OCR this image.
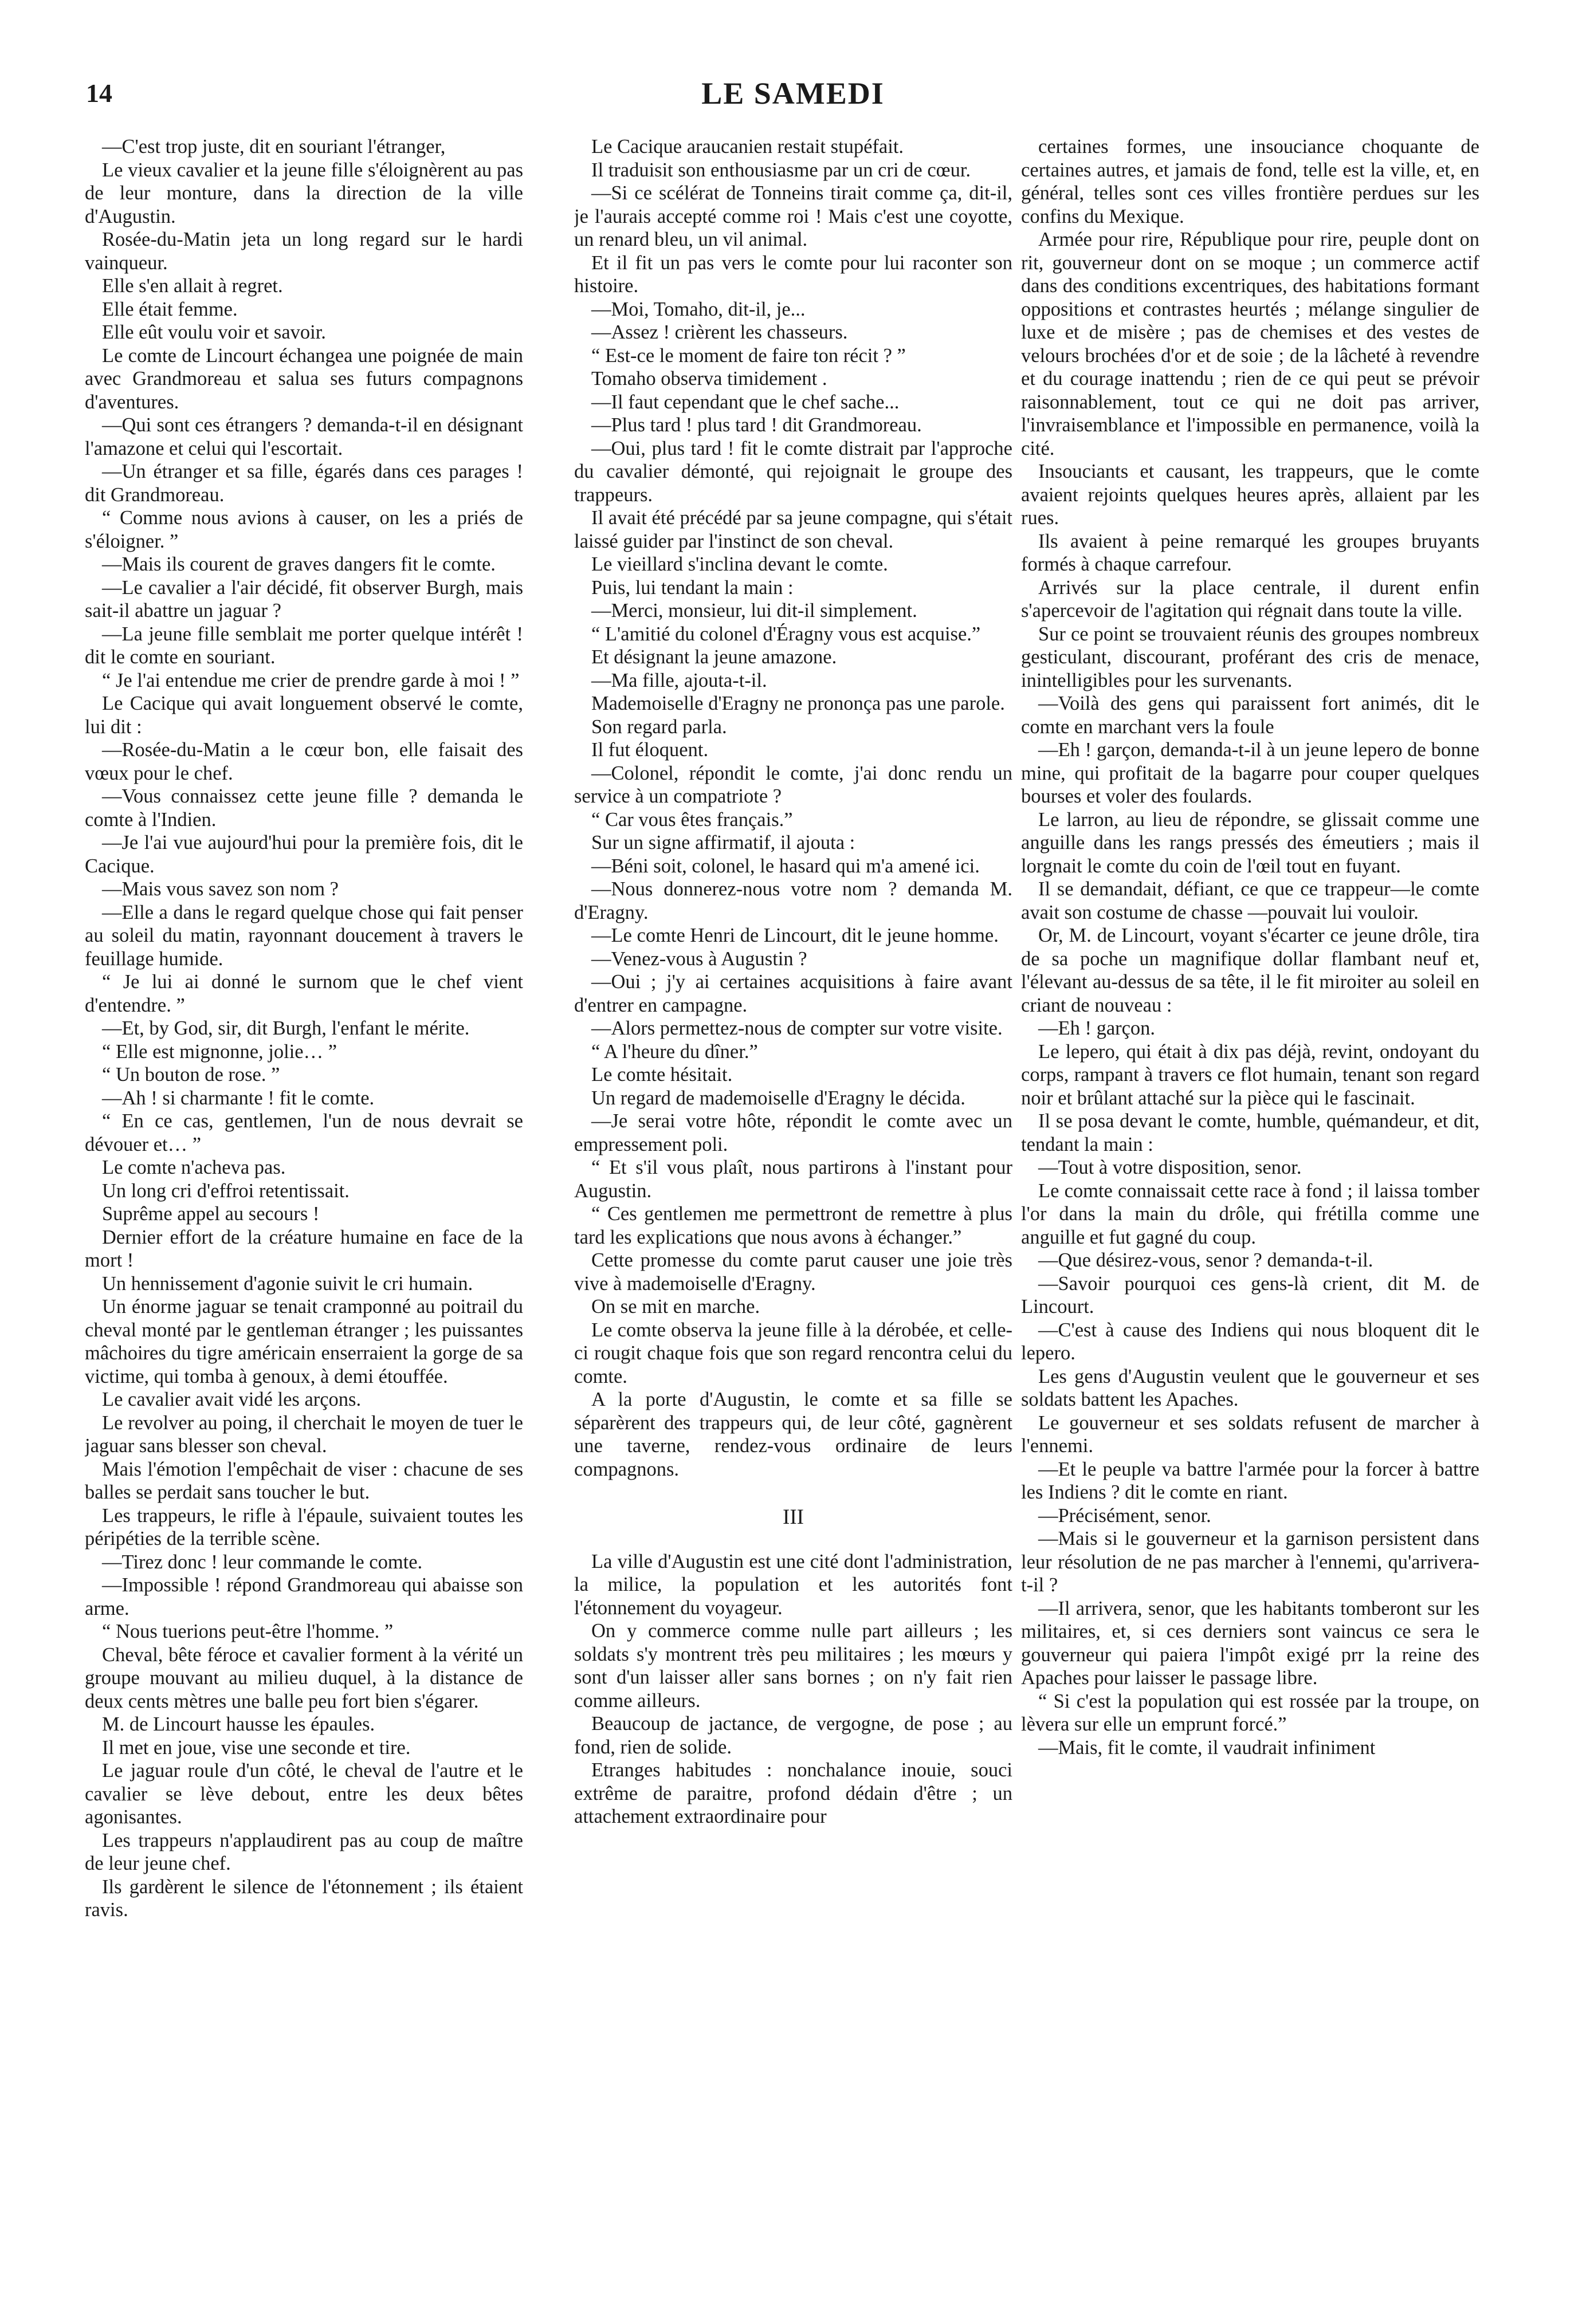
14	LE SAMEDI

—C'est trop juste, dit en souriant l'étranger,

Le vieux cavalier et la jeune fille s'éloignèrent au pas de leur monture, dans la direction de la ville d'Augustin.

Rosée-du-Matin jeta un long regard sur le hardi vainqueur.

Elle s'en allait à regret.

Elle était femme.

Elle eût voulu voir et savoir.

Le comte de Lincourt échangea une poignée de main avec Grandmoreau et salua ses futurs compagnons d'aventures.

—Qui sont ces étrangers ? demanda-t-il en désignant l'amazone et celui qui l'escortait.

—Un étranger et sa fille, égarés dans ces parages ! dit Grandmoreau.

“ Comme nous avions à causer, on les a priés de s'éloigner. ”

—Mais ils courent de graves dangers fit le comte.

—Le cavalier a l'air décidé, fit observer Burgh, mais sait-il abattre un jaguar ?

—La jeune fille semblait me porter quelque intérêt ! dit le comte en souriant.

“ Je l'ai entendue me crier de prendre garde à moi ! ”

Le Cacique qui avait longuement observé le comte, lui dit :

—Rosée-du-Matin a le cœur bon, elle faisait des vœux pour le chef.

—Vous connaissez cette jeune fille ? demanda le comte à l'Indien.

—Je l'ai vue aujourd'hui pour la première fois, dit le Cacique.

—Mais vous savez son nom ?

—Elle a dans le regard quelque chose qui fait penser au soleil du matin, rayonnant doucement à travers le feuillage humide.

“ Je lui ai donné le surnom que le chef vient d'entendre. ”

—Et, by God, sir, dit Burgh, l'enfant le mérite.

“ Elle est mignonne, jolie… ”

“ Un bouton de rose. ”

—Ah ! si charmante ! fit le comte.

“ En ce cas, gentlemen, l'un de nous devrait se dévouer et… ”

Le comte n'acheva pas.

Un long cri d'effroi retentissait.

Suprême appel au secours !

Dernier effort de la créature humaine en face de la mort !

Un hennissement d'agonie suivit le cri humain.

Un énorme jaguar se tenait cramponné au poitrail du cheval monté par le gentleman étranger ; les puissantes mâchoires du tigre américain enserraient la gorge de sa victime, qui tomba à genoux, à demi étouffée.

Le cavalier avait vidé les arçons.

Le revolver au poing, il cherchait le moyen de tuer le jaguar sans blesser son cheval.

Mais l'émotion l'empêchait de viser : chacune de ses balles se perdait sans toucher le but.

Les trappeurs, le rifle à l'épaule, suivaient toutes les péripéties de la terrible scène.

—Tirez donc ! leur commande le comte.

—Impossible ! répond Grandmoreau qui abaisse son arme.

“ Nous tuerions peut-être l'homme. ”

Cheval, bête féroce et cavalier forment à la vérité un groupe mouvant au milieu duquel, à la distance de deux cents mètres une balle peu fort bien s'égarer.

M. de Lincourt hausse les épaules.

Il met en joue, vise une seconde et tire.

Le jaguar roule d'un côté, le cheval de l'autre et le cavalier se lève debout, entre les deux bêtes agonisantes.

Les trappeurs n'applaudirent pas au coup de maître de leur jeune chef.

Ils gardèrent le silence de l'étonnement ; ils étaient ravis.

Le Cacique araucanien restait stupéfait.

Il traduisit son enthousiasme par un cri de cœur.

—Si ce scélérat de Tonneins tirait comme ça, dit-il, je l'aurais accepté comme roi ! Mais c'est une coyotte, un renard bleu, un vil animal.

Et il fit un pas vers le comte pour lui raconter son histoire.

—Moi, Tomaho, dit-il, je...

—Assez ! crièrent les chasseurs.

“ Est-ce le moment de faire ton récit ? ”

Tomaho observa timidement .

—Il faut cependant que le chef sache...

—Plus tard ! plus tard ! dit Grandmoreau.

—Oui, plus tard ! fit le comte distrait par l'approche du cavalier démonté, qui rejoignait le groupe des trappeurs.

Il avait été précédé par sa jeune compagne, qui s'était laissé guider par l'instinct de son cheval.

Le vieillard s'inclina devant le comte.

Puis, lui tendant la main :

—Merci, monsieur, lui dit-il simplement.

“ L'amitié du colonel d'Éragny vous est acquise.”

Et désignant la jeune amazone.

—Ma fille, ajouta-t-il.

Mademoiselle d'Eragny ne prononça pas une parole.

Son regard parla.

Il fut éloquent.

—Colonel, répondit le comte, j'ai donc rendu un service à un compatriote ?

“ Car vous êtes français.”

Sur un signe affirmatif, il ajouta :

—Béni soit, colonel, le hasard qui m'a amené ici.

—Nous donnerez-nous votre nom ? demanda M. d'Eragny.

—Le comte Henri de Lincourt, dit le jeune homme.

—Venez-vous à Augustin ?

—Oui ; j'y ai certaines acquisitions à faire avant d'entrer en campagne.

—Alors permettez-nous de compter sur votre visite.

“ A l'heure du dîner.”

Le comte hésitait.

Un regard de mademoiselle d'Eragny le décida.

—Je serai votre hôte, répondit le comte avec un empressement poli.

“ Et s'il vous plaît, nous partirons à l'instant pour Augustin.

“ Ces gentlemen me permettront de remettre à plus tard les explications que nous avons à échanger.”

Cette promesse du comte parut causer une joie très vive à mademoiselle d'Eragny.

On se mit en marche.

Le comte observa la jeune fille à la dérobée, et celle-ci rougit chaque fois que son regard rencontra celui du comte.

A la porte d'Augustin, le comte et sa fille se séparèrent des trappeurs qui, de leur côté, gagnèrent une taverne, rendez-vous ordinaire de leurs compagnons.

III

La ville d'Augustin est une cité dont l'administration, la milice, la population et les autorités font l'étonnement du voyageur.

On y commerce comme nulle part ailleurs ; les soldats s'y montrent très peu militaires ; les mœurs y sont d'un laisser aller sans bornes ; on n'y fait rien comme ailleurs.

Beaucoup de jactance, de vergogne, de pose ; au fond, rien de solide.

Etranges habitudes : nonchalance inouie, souci extrême de paraitre, profond dédain d'être ; un attachement extraordinaire pour

certaines formes, une insouciance choquante de certaines autres, et jamais de fond, telle est la ville, et, en général, telles sont ces villes frontière perdues sur les confins du Mexique.

Armée pour rire, République pour rire, peuple dont on rit, gouverneur dont on se moque ; un commerce actif dans des conditions excentriques, des habitations formant oppositions et contrastes heurtés ; mélange singulier de luxe et de misère ; pas de chemises et des vestes de velours brochées d'or et de soie ; de la lâcheté à revendre et du courage inattendu ; rien de ce qui peut se prévoir raisonnablement, tout ce qui ne doit pas arriver, l'invraisemblance et l'impossible en permanence, voilà la cité.

Insouciants et causant, les trappeurs, que le comte avaient rejoints quelques heures après, allaient par les rues.

Ils avaient à peine remarqué les groupes bruyants formés à chaque carrefour.

Arrivés sur la place centrale, il durent enfin s'apercevoir de l'agitation qui régnait dans toute la ville.

Sur ce point se trouvaient réunis des groupes nombreux gesticulant, discourant, proférant des cris de menace, inintelligibles pour les survenants.

—Voilà des gens qui paraissent fort animés, dit le comte en marchant vers la foule

—Eh ! garçon, demanda-t-il à un jeune lepero de bonne mine, qui profitait de la bagarre pour couper quelques bourses et voler des foulards.

Le larron, au lieu de répondre, se glissait comme une anguille dans les rangs pressés des émeutiers ; mais il lorgnait le comte du coin de l'œil tout en fuyant.

Il se demandait, défiant, ce que ce trappeur—le comte avait son costume de chasse —pouvait lui vouloir.

Or, M. de Lincourt, voyant s'écarter ce jeune drôle, tira de sa poche un magnifique dollar flambant neuf et, l'élevant au-dessus de sa tête, il le fit miroiter au soleil en criant de nouveau :

—Eh ! garçon.

Le lepero, qui était à dix pas déjà, revint, ondoyant du corps, rampant à travers ce flot humain, tenant son regard noir et brûlant attaché sur la pièce qui le fascinait.

Il se posa devant le comte, humble, quémandeur, et dit, tendant la main :

—Tout à votre disposition, senor.

Le comte connaissait cette race à fond ; il laissa tomber l'or dans la main du drôle, qui frétilla comme une anguille et fut gagné du coup.

—Que désirez-vous, senor ? demanda-t-il.

—Savoir pourquoi ces gens-là crient, dit M. de Lincourt.

—C'est à cause des Indiens qui nous bloquent dit le lepero.

Les gens d'Augustin veulent que le gouverneur et ses soldats battent les Apaches.

Le gouverneur et ses soldats refusent de marcher à l'ennemi.

—Et le peuple va battre l'armée pour la forcer à battre les Indiens ? dit le comte en riant.

—Précisément, senor.

—Mais si le gouverneur et la garnison persistent dans leur résolution de ne pas marcher à l'ennemi, qu'arrivera-t-il ?

—Il arrivera, senor, que les habitants tomberont sur les militaires, et, si ces derniers sont vaincus ce sera le gouverneur qui paiera l'impôt exigé prr la reine des Apaches pour laisser le passage libre.

“ Si c'est la population qui est rossée par la troupe, on lèvera sur elle un emprunt forcé.”

—Mais, fit le comte, il vaudrait infiniment
